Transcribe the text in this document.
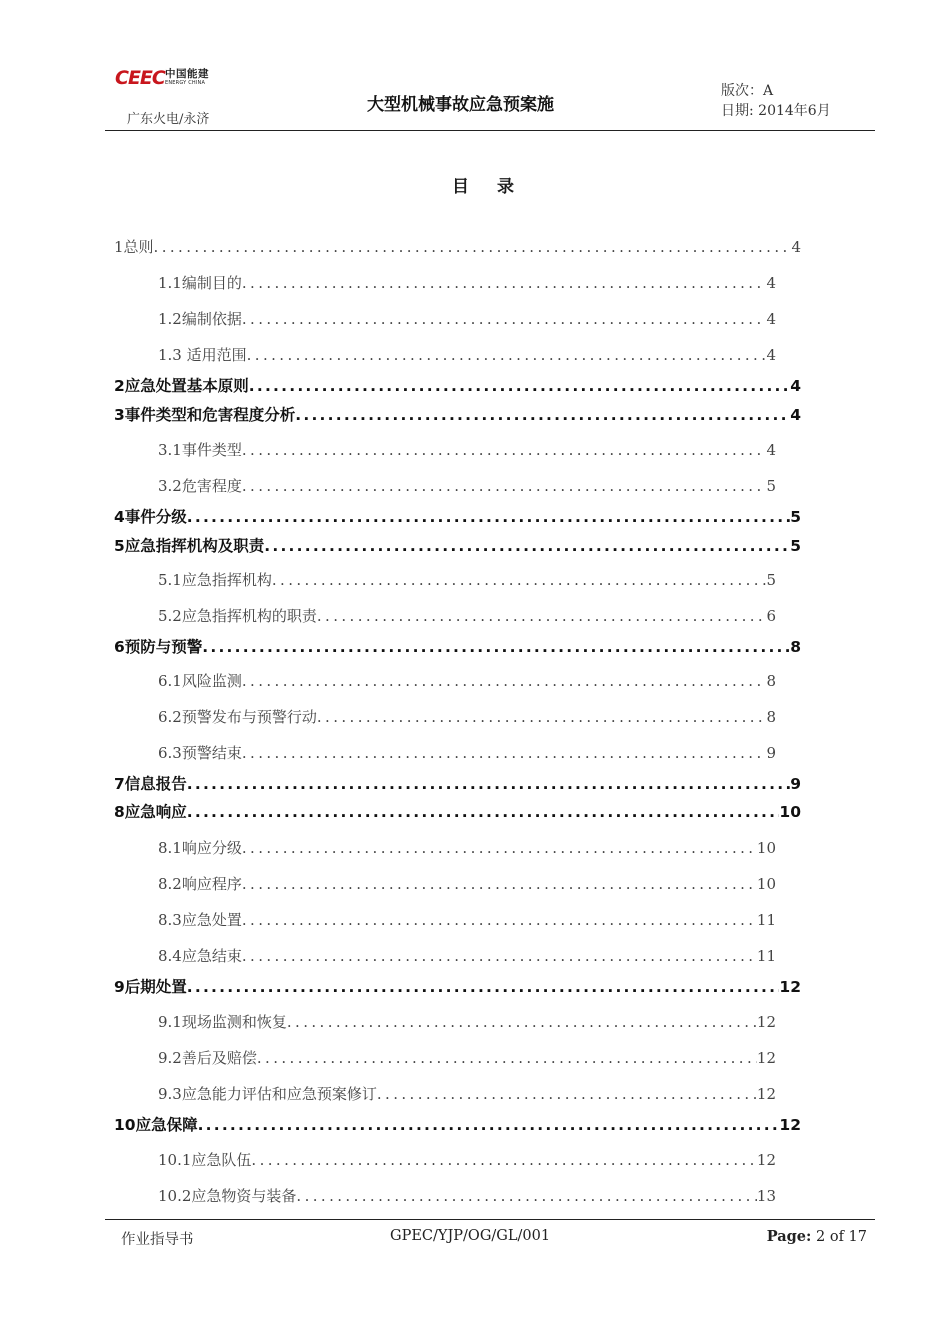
CEEC 中国能建
ENERGY CHINA
广东火电/永济
大型机械事故应急预案施
版次：A
日期: 2014年6月
目录
1总则 .....	4
1.1编制目的 .....	4
1.2编制依据 .....	4
1.3 适用范围 .....	4
2应急处置基本原则 .....	4
3事件类型和危害程度分析 .....	4
3.1事件类型 .....	4
3.2危害程度 .....	5
4事件分级 .....	5
5应急指挥机构及职责 .....	5
5.1应急指挥机构 .....	5
5.2应急指挥机构的职责 .....	6
6预防与预警 .....	8
6.1风险监测 .....	8
6.2预警发布与预警行动 .....	8
6.3预警结束 .....	9
7信息报告 .....	9
8应急响应 .....	10
8.1响应分级 .....	10
8.2响应程序 .....	10
8.3应急处置 .....	11
8.4应急结束 .....	11
9后期处置 .....	12
9.1现场监测和恢复 .....	12
9.2善后及赔偿 .....	12
9.3应急能力评估和应急预案修订 .....	12
10应急保障 .....	12
10.1应急队伍 .....	12
10.2应急物资与装备 .....	13
作业指导书	GPEC/YJP/OG/GL/001	Page: 2 of 17
